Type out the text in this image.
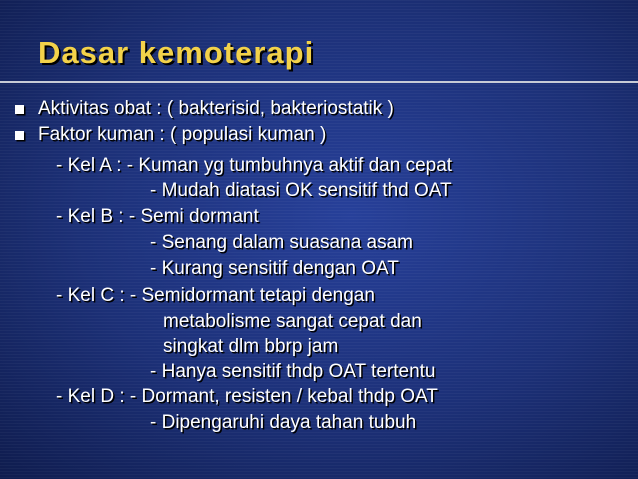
Dasar kemoterapi
Aktivitas obat : ( bakterisid, bakteriostatik )
Faktor kuman : ( populasi kuman )
- Kel A : - Kuman yg tumbuhnya aktif dan cepat
- Mudah diatasi OK sensitif thd OAT
- Kel B : - Semi dormant
- Senang dalam suasana asam
- Kurang sensitif dengan OAT
- Kel C : - Semidormant tetapi dengan
metabolisme sangat cepat dan
singkat dlm bbrp jam
- Hanya sensitif thdp OAT tertentu
- Kel D : - Dormant, resisten / kebal thdp OAT
- Dipengaruhi daya tahan tubuh
